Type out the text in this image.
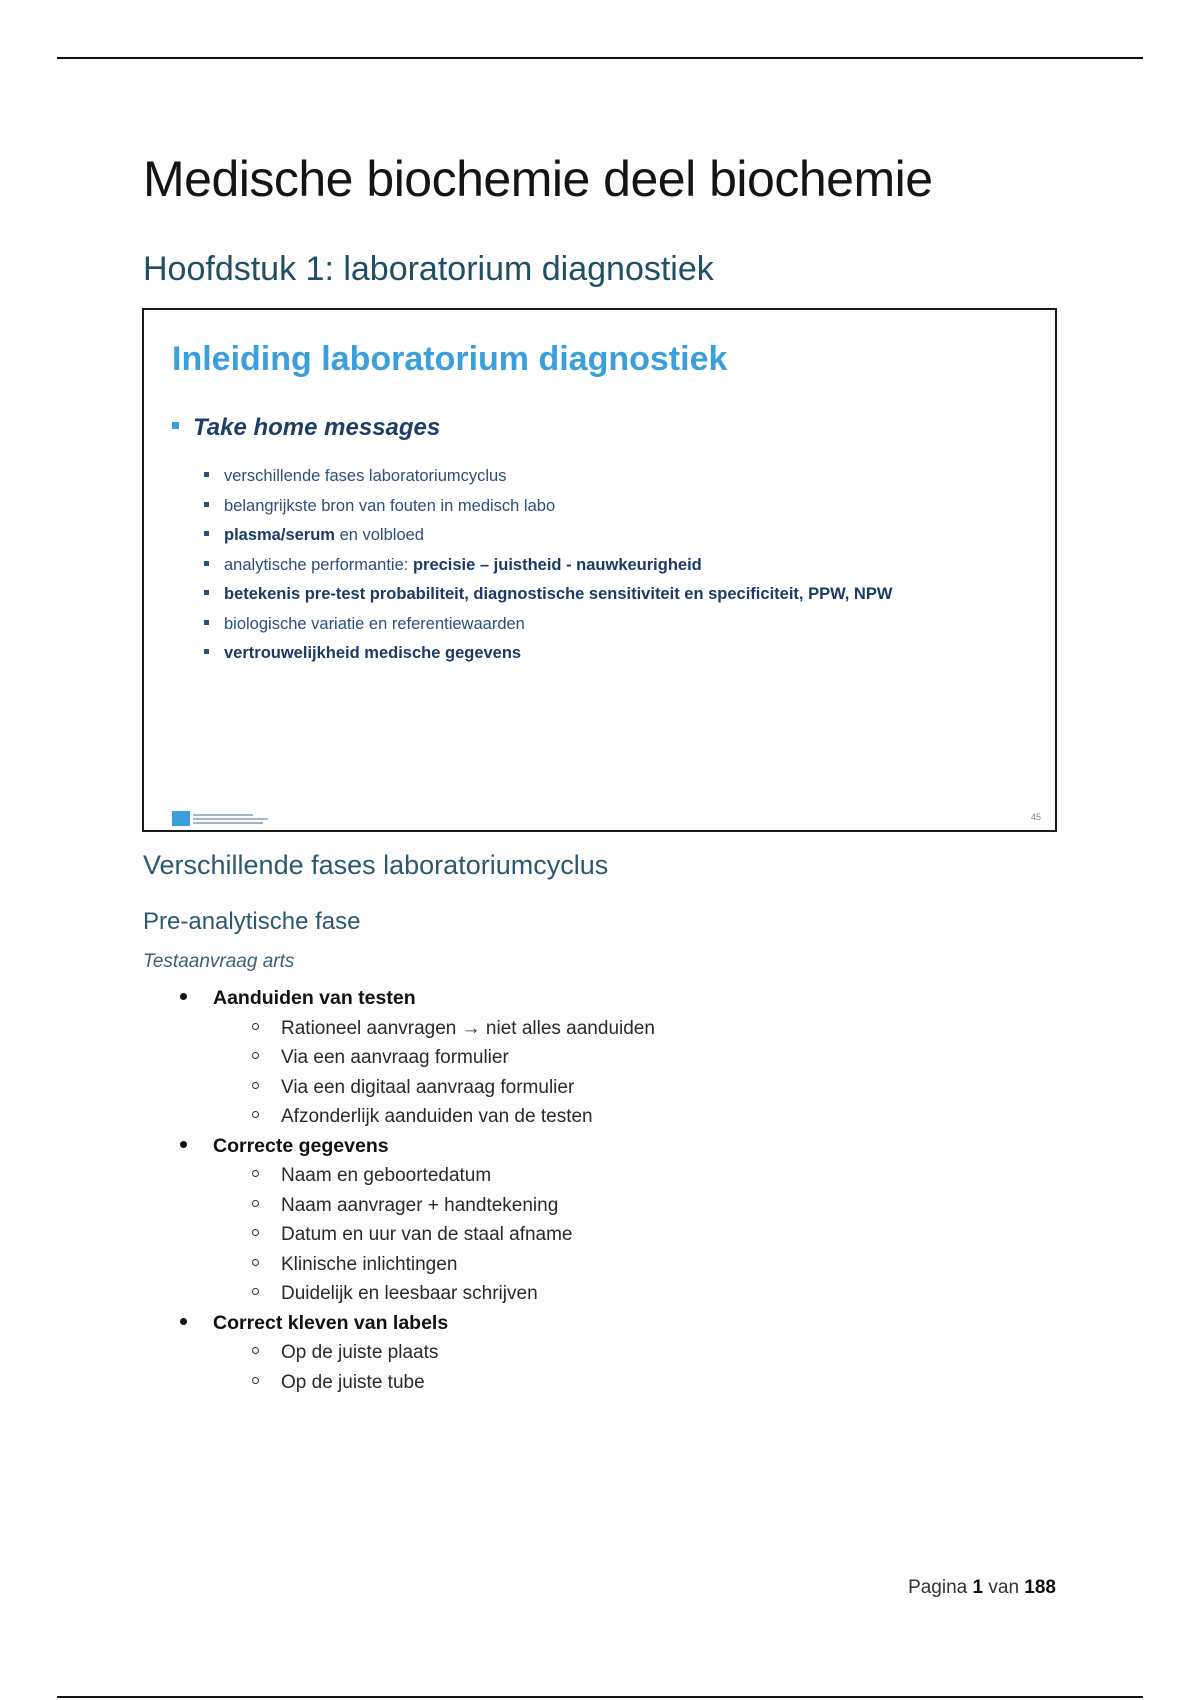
Medische biochemie deel biochemie
Hoofdstuk 1: laboratorium diagnostiek
Inleiding laboratorium diagnostiek
Take home messages
verschillende fases laboratoriumcyclus
belangrijkste bron van fouten in medisch labo
plasma/serum en volbloed
analytische performantie: precisie – juistheid - nauwkeurigheid
betekenis pre-test probabiliteit, diagnostische sensitiviteit en specificiteit, PPW, NPW
biologische variatie en referentiewaarden
vertrouwelijkheid medische gegevens
45
Verschillende fases laboratoriumcyclus
Pre-analytische fase
Testaanvraag arts
Aanduiden van testen
Rationeel aanvragen → niet alles aanduiden
Via een aanvraag formulier
Via een digitaal aanvraag formulier
Afzonderlijk aanduiden van de testen
Correcte gegevens
Naam en geboortedatum
Naam aanvrager + handtekening
Datum en uur van de staal afname
Klinische inlichtingen
Duidelijk en leesbaar schrijven
Correct kleven van labels
Op de juiste plaats
Op de juiste tube
Pagina 1 van 188
